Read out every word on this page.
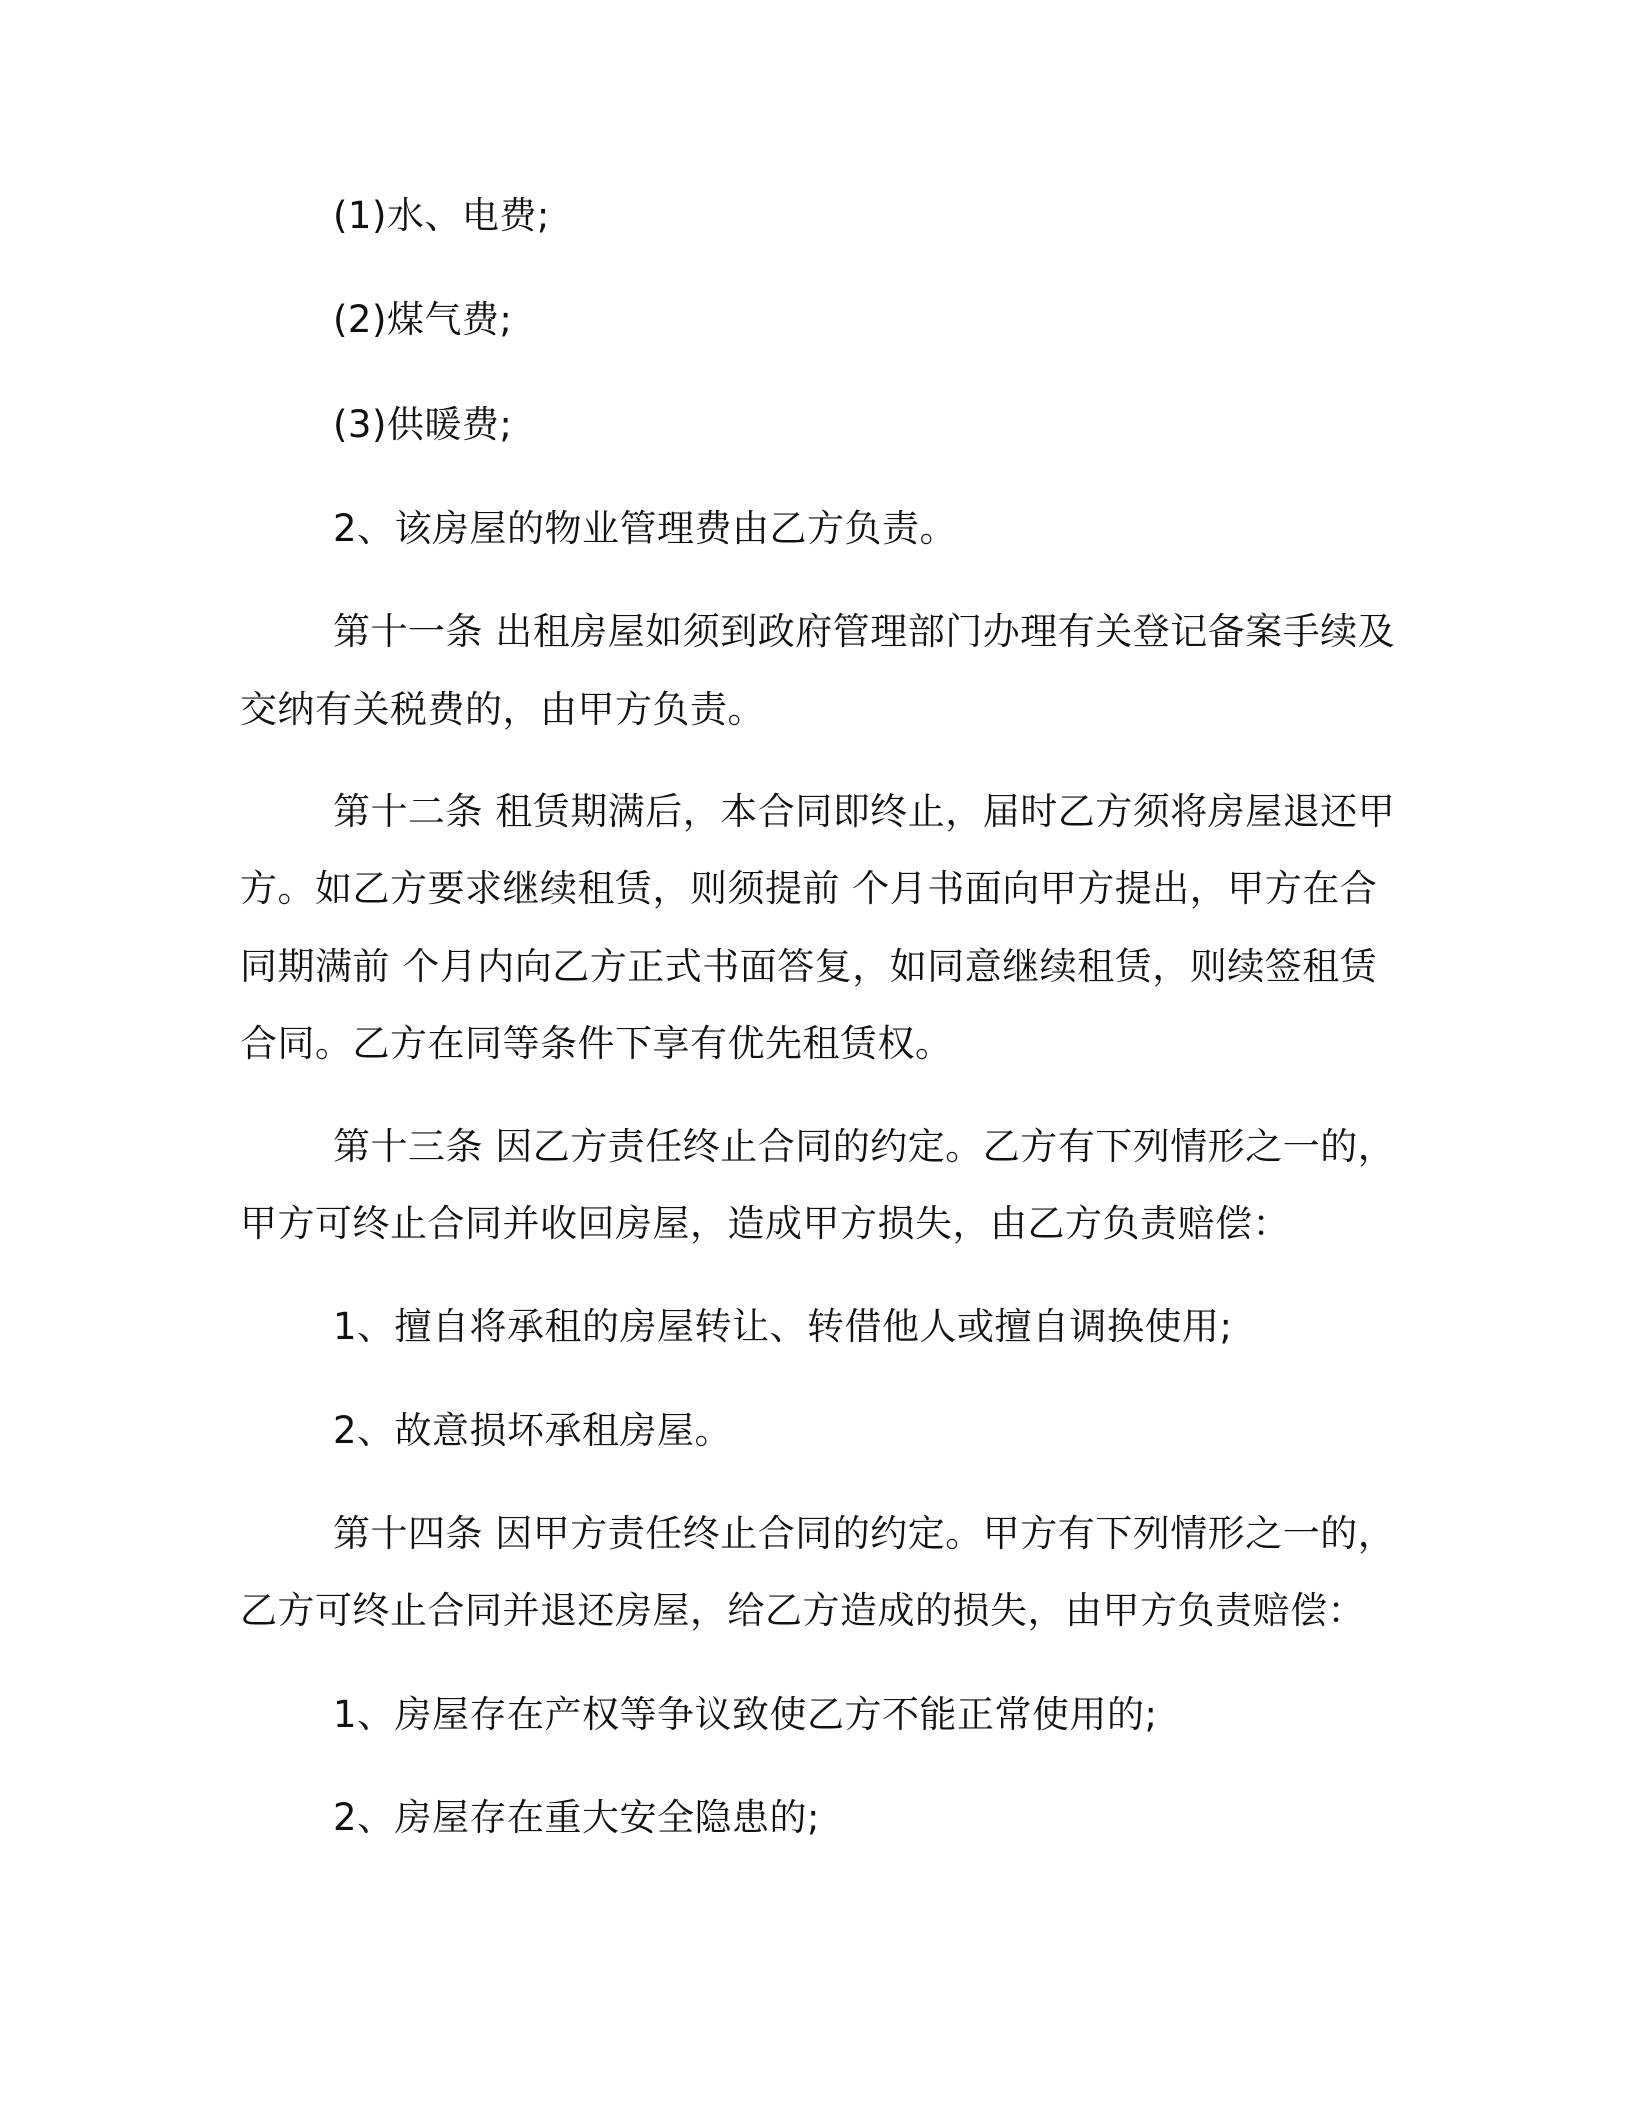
(1)水、电费;
(2)煤气费;
(3)供暖费;
2、该房屋的物业管理费由乙方负责。
第十一条 出租房屋如须到政府管理部门办理有关登记备案手续及
交纳有关税费的，由甲方负责。
第十二条 租赁期满后，本合同即终止，届时乙方须将房屋退还甲
方。如乙方要求继续租赁，则须提前 个月书面向甲方提出，甲方在合
同期满前 个月内向乙方正式书面答复，如同意继续租赁，则续签租赁
合同。乙方在同等条件下享有优先租赁权。
第十三条 因乙方责任终止合同的约定。乙方有下列情形之一的，
甲方可终止合同并收回房屋，造成甲方损失，由乙方负责赔偿：
1、擅自将承租的房屋转让、转借他人或擅自调换使用;
2、故意损坏承租房屋。
第十四条 因甲方责任终止合同的约定。甲方有下列情形之一的，
乙方可终止合同并退还房屋，给乙方造成的损失，由甲方负责赔偿：
1、房屋存在产权等争议致使乙方不能正常使用的;
2、房屋存在重大安全隐患的;
